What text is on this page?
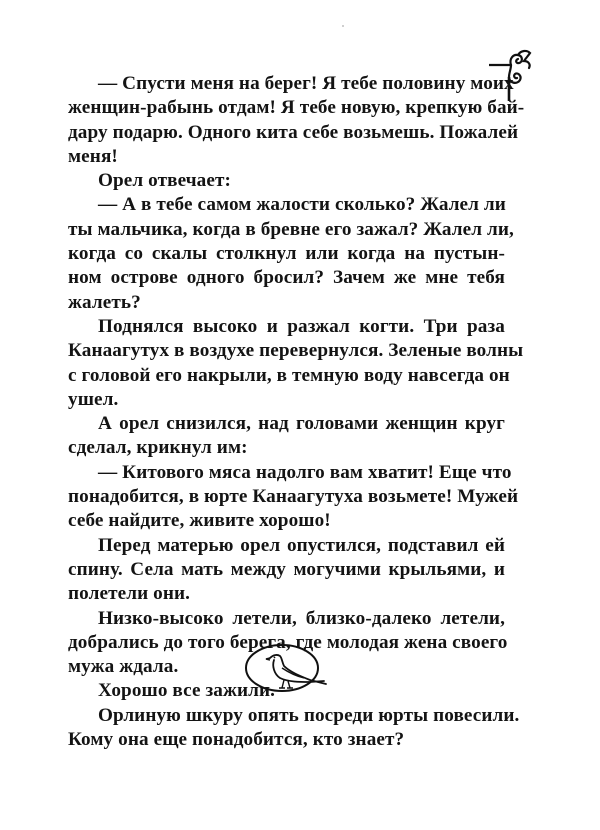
— Спусти меня на берег! Я тебе половину моих
женщин-рабынь отдам! Я тебе новую, крепкую бай-
дару подарю. Одного кита себе возьмешь. Пожалей
меня!

Орел отвечает:

— А в тебе самом жалости сколько? Жалел ли
ты мальчика, когда в бревне его зажал? Жалел ли,
когда со скалы столкнул или когда на пустын-
ном острове одного бросил? Зачем же мне тебя
жалеть?

Поднялся высоко и разжал когти. Три раза
Канаагутух в воздухе перевернулся. Зеленые волны
с головой его накрыли, в темную воду навсегда он
ушел.

А орел снизился, над головами женщин круг
сделал, крикнул им:

— Китового мяса надолго вам хватит! Еще что
понадобится, в юрте Канаагутуха возьмете! Мужей
себе найдите, живите хорошо!

Перед матерью орел опустился, подставил ей
спину. Села мать между могучими крыльями, и
полетели они.

Низко-высоко летели, близко-далеко летели,
добрались до того берега, где молодая жена своего
мужа ждала.

Хорошо все зажили.

Орлиную шкуру опять посреди юрты повесили.
Кому она еще понадобится, кто знает?
